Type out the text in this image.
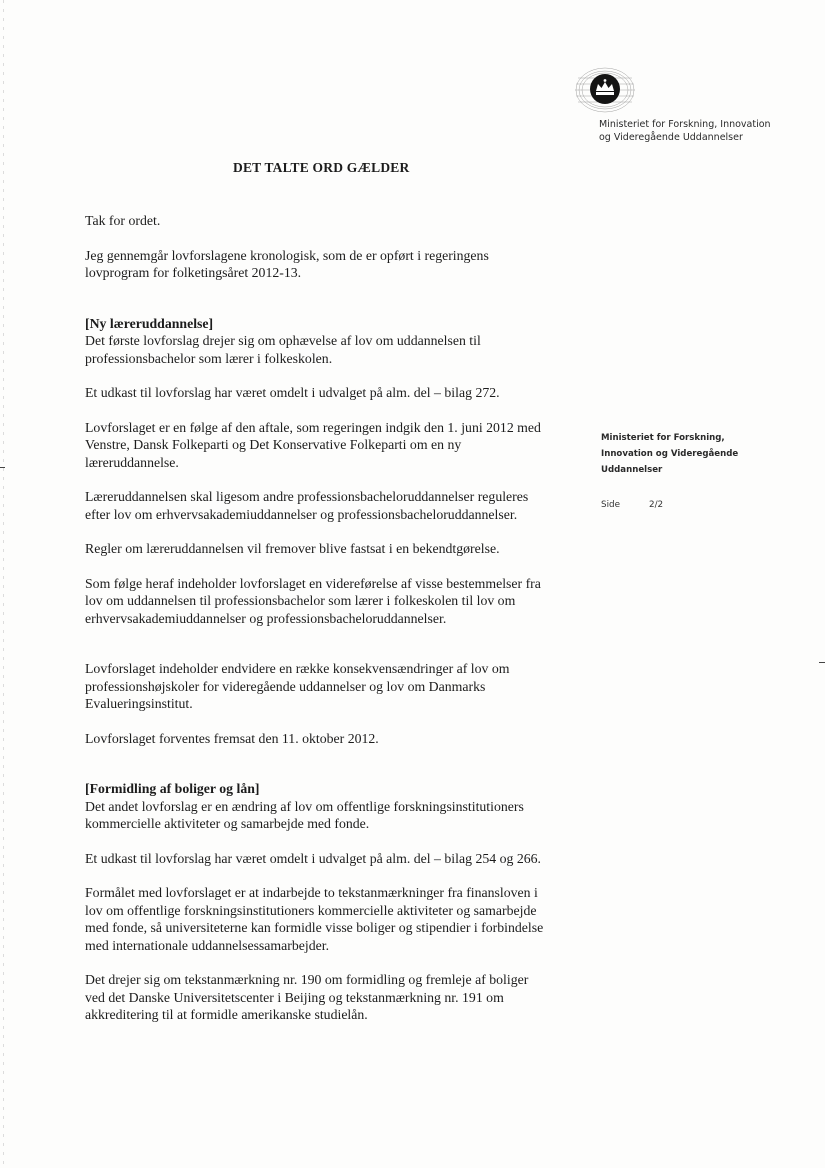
Ministeriet for Forskning, Innovation
og Videregående Uddannelser
DET TALTE ORD GÆLDER

Tak for ordet.

Jeg gennemgår lovforslagene kronologisk, som de er opført i regeringens
lovprogram for folketingsåret 2012-13.

[Ny læreruddannelse]

Det første lovforslag drejer sig om ophævelse af lov om uddannelsen til
professionsbachelor som lærer i folkeskolen.

Et udkast til lovforslag har været omdelt i udvalget på alm. del – bilag 272.

Lovforslaget er en følge af den aftale, som regeringen indgik den 1. juni 2012 med
Venstre, Dansk Folkeparti og Det Konservative Folkeparti om en ny
læreruddannelse.

Læreruddannelsen skal ligesom andre professionsbacheloruddannelser reguleres
efter lov om erhvervsakademiuddannelser og professionsbacheloruddannelser.

Regler om læreruddannelsen vil fremover blive fastsat i en bekendtgørelse.

Som følge heraf indeholder lovforslaget en videreførelse af visse bestemmelser fra
lov om uddannelsen til professionsbachelor som lærer i folkeskolen til lov om
erhvervsakademiuddannelser og professionsbacheloruddannelser.

Lovforslaget indeholder endvidere en række konsekvensændringer af lov om
professionshøjskoler for videregående uddannelser og lov om Danmarks
Evalueringsinstitut.

Lovforslaget forventes fremsat den 11. oktober 2012.

[Formidling af boliger og lån]

Det andet lovforslag er en ændring af lov om offentlige forskningsinstitutioners
kommercielle aktiviteter og samarbejde med fonde.

Et udkast til lovforslag har været omdelt i udvalget på alm. del – bilag 254 og 266.

Formålet med lovforslaget er at indarbejde to tekstanmærkninger fra finansloven i
lov om offentlige forskningsinstitutioners kommercielle aktiviteter og samarbejde
med fonde, så universiteterne kan formidle visse boliger og stipendier i forbindelse
med internationale uddannelsessamarbejder.

Det drejer sig om tekstanmærkning nr. 190 om formidling og fremleje af boliger
ved det Danske Universitetscenter i Beijing og tekstanmærkning nr. 191 om
akkreditering til at formidle amerikanske studielån.

Ministeriet for Forskning,
Innovation og Videregående
Uddannelser
Side	2/2
